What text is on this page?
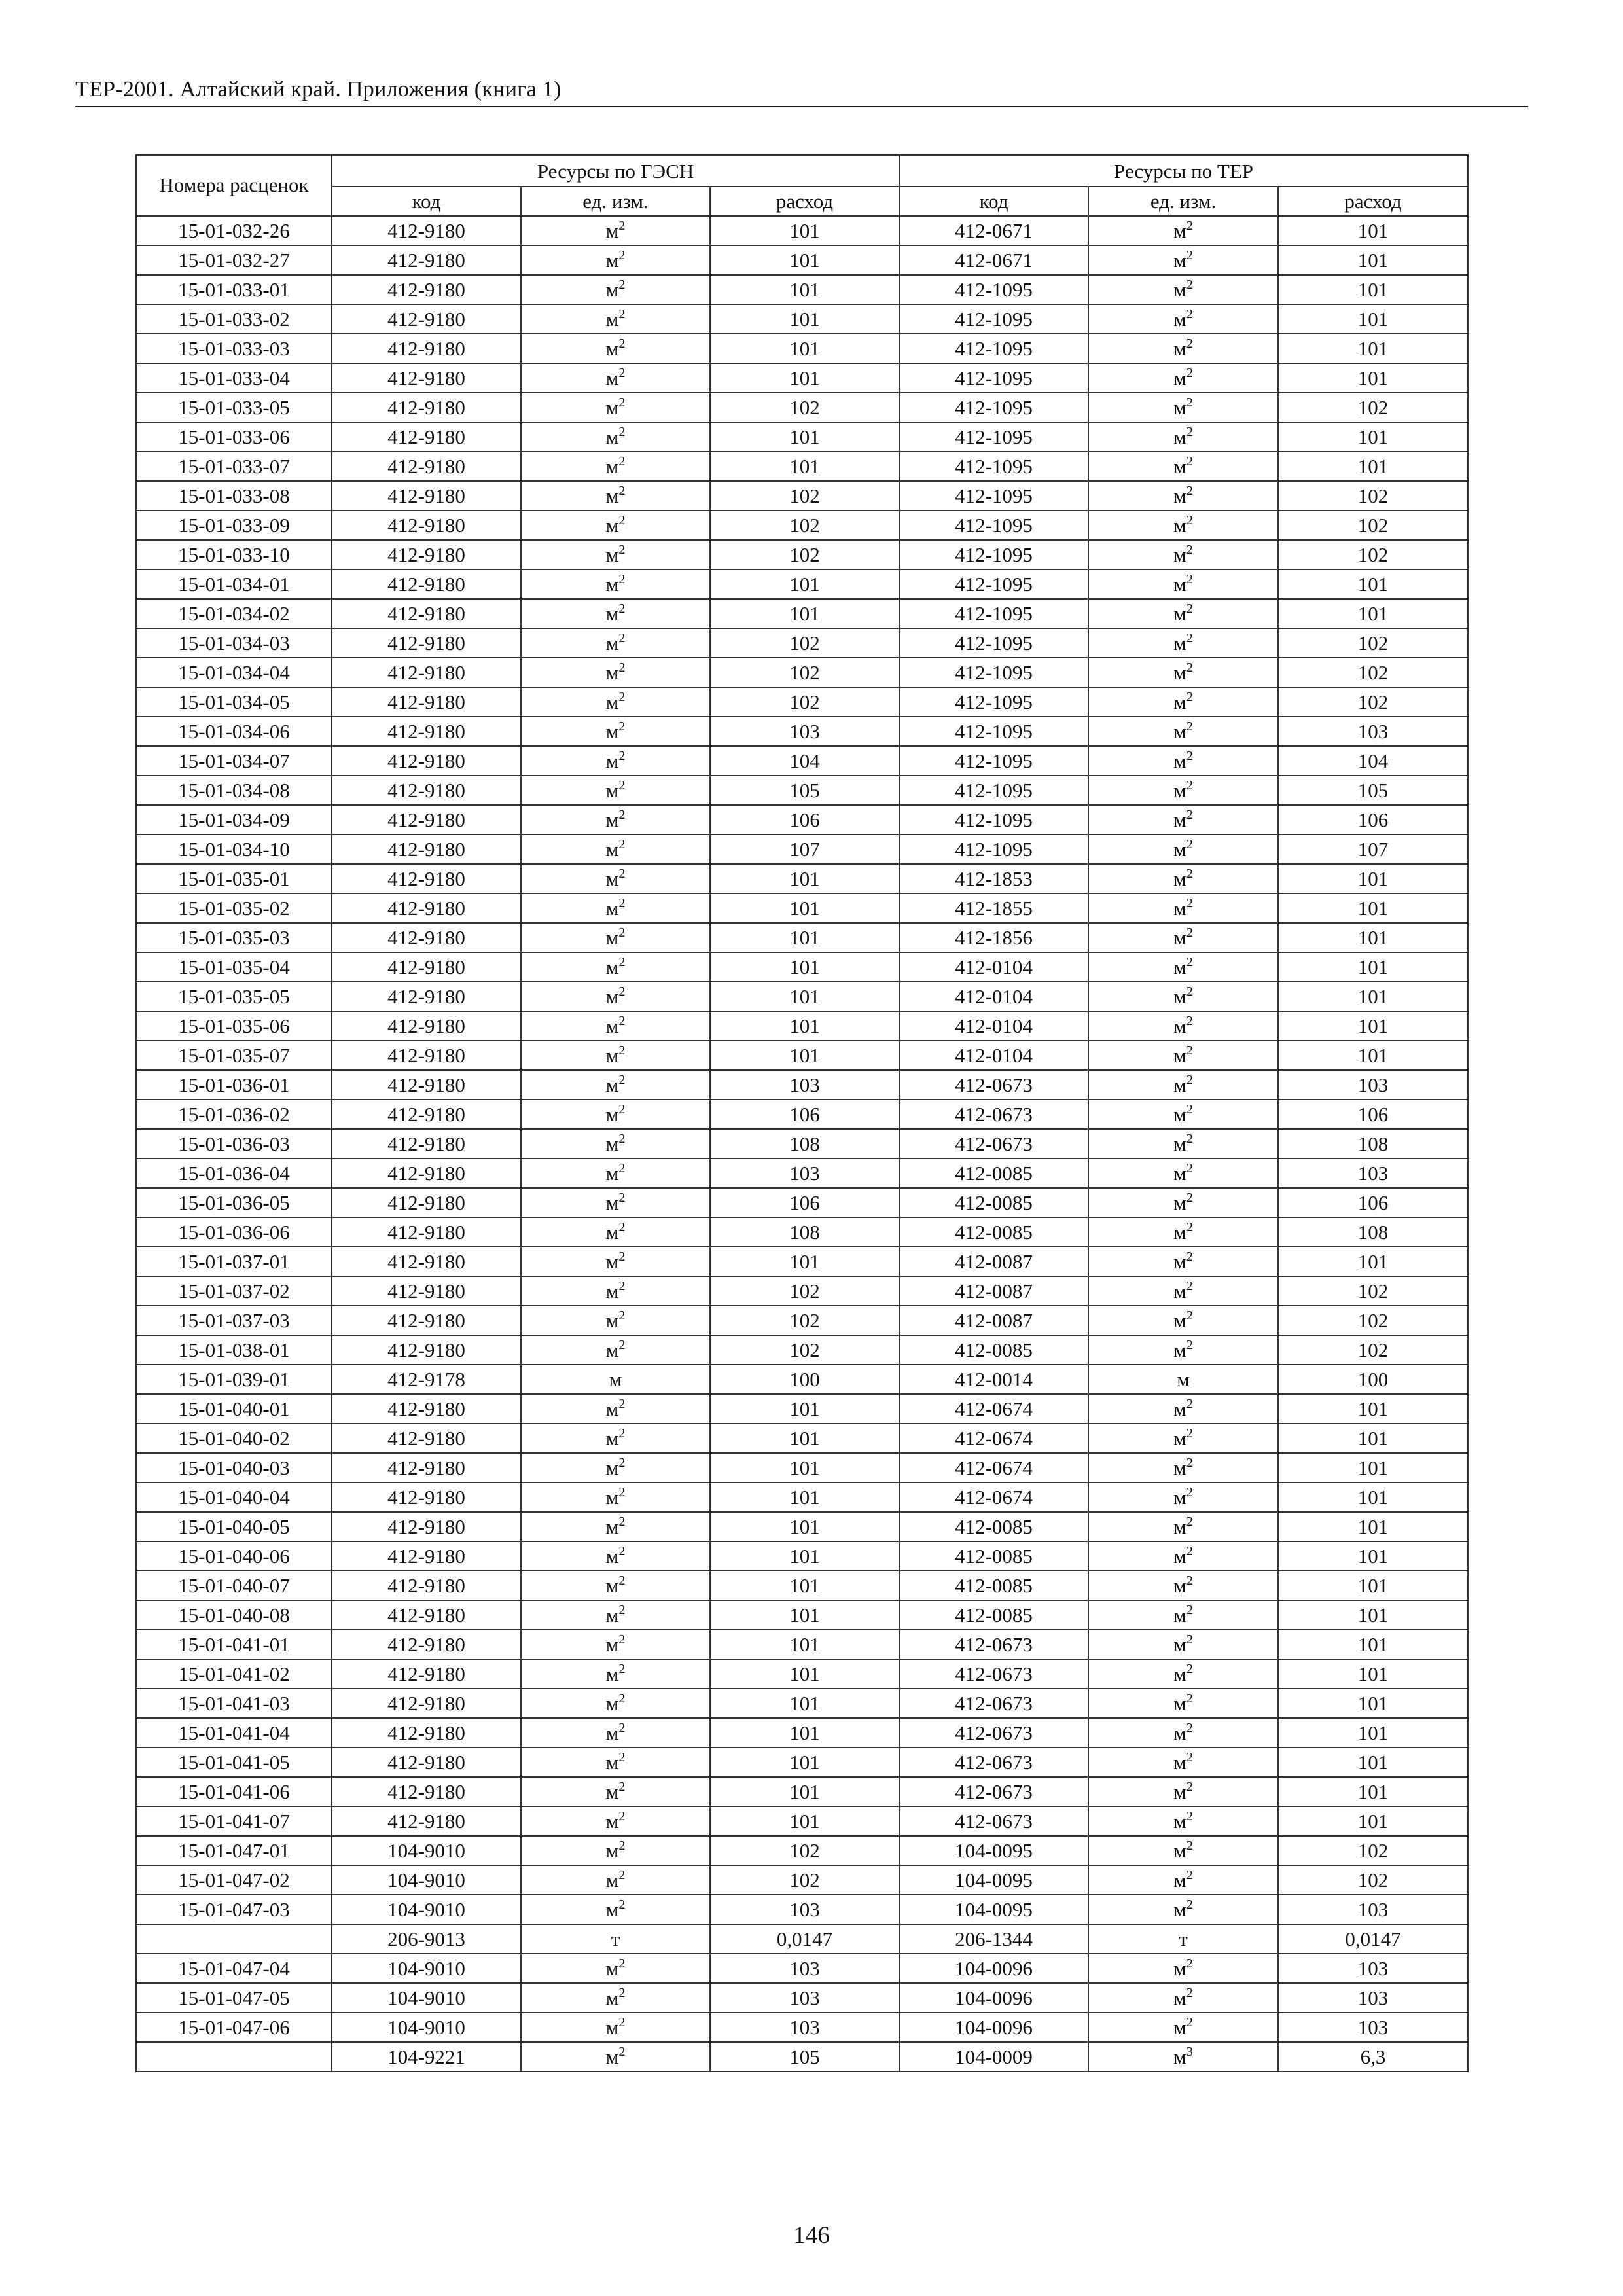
ТЕР-2001. Алтайский край. Приложения (книга 1)
Номера расценок	Ресурсы по ГЭСН			Ресурсы по ТЕР		
	код	ед. изм.	расход	код	ед. изм.	расход
15-01-032-26	412-9180	$м^2$	101	412-0671	$м^2$	101
15-01-032-27	412-9180	$м^2$	101	412-0671	$м^2$	101
15-01-033-01	412-9180	$м^2$	101	412-1095	$м^2$	101
15-01-033-02	412-9180	$м^2$	101	412-1095	$м^2$	101
15-01-033-03	412-9180	$м^2$	101	412-1095	$м^2$	101
15-01-033-04	412-9180	$м^2$	101	412-1095	$м^2$	101
15-01-033-05	412-9180	$м^2$	102	412-1095	$м^2$	102
15-01-033-06	412-9180	$м^2$	101	412-1095	$м^2$	101
15-01-033-07	412-9180	$м^2$	101	412-1095	$м^2$	101
15-01-033-08	412-9180	$м^2$	102	412-1095	$м^2$	102
15-01-033-09	412-9180	$м^2$	102	412-1095	$м^2$	102
15-01-033-10	412-9180	$м^2$	102	412-1095	$м^2$	102
15-01-034-01	412-9180	$м^2$	101	412-1095	$м^2$	101
15-01-034-02	412-9180	$м^2$	101	412-1095	$м^2$	101
15-01-034-03	412-9180	$м^2$	102	412-1095	$м^2$	102
15-01-034-04	412-9180	$м^2$	102	412-1095	$м^2$	102
15-01-034-05	412-9180	$м^2$	102	412-1095	$м^2$	102
15-01-034-06	412-9180	$м^2$	103	412-1095	$м^2$	103
15-01-034-07	412-9180	$м^2$	104	412-1095	$м^2$	104
15-01-034-08	412-9180	$м^2$	105	412-1095	$м^2$	105
15-01-034-09	412-9180	$м^2$	106	412-1095	$м^2$	106
15-01-034-10	412-9180	$м^2$	107	412-1095	$м^2$	107
15-01-035-01	412-9180	$м^2$	101	412-1853	$м^2$	101
15-01-035-02	412-9180	$м^2$	101	412-1855	$м^2$	101
15-01-035-03	412-9180	$м^2$	101	412-1856	$м^2$	101
15-01-035-04	412-9180	$м^2$	101	412-0104	$м^2$	101
15-01-035-05	412-9180	$м^2$	101	412-0104	$м^2$	101
15-01-035-06	412-9180	$м^2$	101	412-0104	$м^2$	101
15-01-035-07	412-9180	$м^2$	101	412-0104	$м^2$	101
15-01-036-01	412-9180	$м^2$	103	412-0673	$м^2$	103
15-01-036-02	412-9180	$м^2$	106	412-0673	$м^2$	106
15-01-036-03	412-9180	$м^2$	108	412-0673	$м^2$	108
15-01-036-04	412-9180	$м^2$	103	412-0085	$м^2$	103
15-01-036-05	412-9180	$м^2$	106	412-0085	$м^2$	106
15-01-036-06	412-9180	$м^2$	108	412-0085	$м^2$	108
15-01-037-01	412-9180	$м^2$	101	412-0087	$м^2$	101
15-01-037-02	412-9180	$м^2$	102	412-0087	$м^2$	102
15-01-037-03	412-9180	$м^2$	102	412-0087	$м^2$	102
15-01-038-01	412-9180	$м^2$	102	412-0085	$м^2$	102
15-01-039-01	412-9178	м	100	412-0014	м	100
15-01-040-01	412-9180	$м^2$	101	412-0674	$м^2$	101
15-01-040-02	412-9180	$м^2$	101	412-0674	$м^2$	101
15-01-040-03	412-9180	$м^2$	101	412-0674	$м^2$	101
15-01-040-04	412-9180	$м^2$	101	412-0674	$м^2$	101
15-01-040-05	412-9180	$м^2$	101	412-0085	$м^2$	101
15-01-040-06	412-9180	$м^2$	101	412-0085	$м^2$	101
15-01-040-07	412-9180	$м^2$	101	412-0085	$м^2$	101
15-01-040-08	412-9180	$м^2$	101	412-0085	$м^2$	101
15-01-041-01	412-9180	$м^2$	101	412-0673	$м^2$	101
15-01-041-02	412-9180	$м^2$	101	412-0673	$м^2$	101
15-01-041-03	412-9180	$м^2$	101	412-0673	$м^2$	101
15-01-041-04	412-9180	$м^2$	101	412-0673	$м^2$	101
15-01-041-05	412-9180	$м^2$	101	412-0673	$м^2$	101
15-01-041-06	412-9180	$м^2$	101	412-0673	$м^2$	101
15-01-041-07	412-9180	$м^2$	101	412-0673	$м^2$	101
15-01-047-01	104-9010	$м^2$	102	104-0095	$м^2$	102
15-01-047-02	104-9010	$м^2$	102	104-0095	$м^2$	102
15-01-047-03	104-9010	$м^2$	103	104-0095	$м^2$	103
	206-9013	т	0,0147	206-1344	т	0,0147
15-01-047-04	104-9010	$м^2$	103	104-0096	$м^2$	103
15-01-047-05	104-9010	$м^2$	103	104-0096	$м^2$	103
15-01-047-06	104-9010	$м^2$	103	104-0096	$м^2$	103
	104-9221	$м^2$	105	104-0009	$м^3$	6,3
146
